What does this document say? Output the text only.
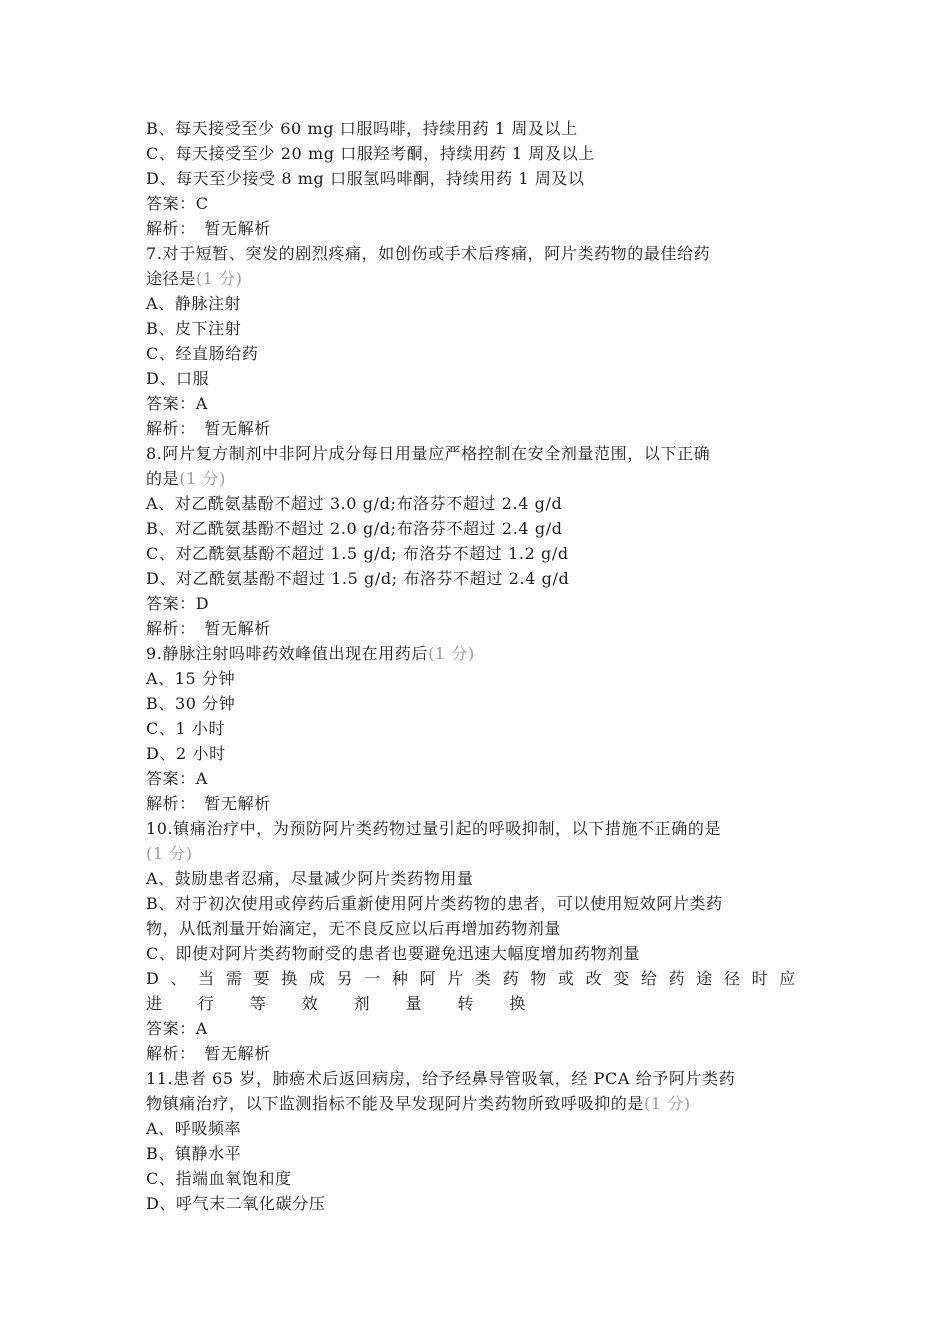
B、每天接受至少 60 mg 口服吗啡，持续用药 1 周及以上
C、每天接受至少 20 mg 口服羟考酮，持续用药 1 周及以上
D、每天至少接受 8 mg 口服氢吗啡酮，持续用药 1 周及以
答案：C
解析：　暂无解析
7.对于短暂、突发的剧烈疼痛，如创伤或手术后疼痛，阿片类药物的最佳给药
途径是(1 分)
A、静脉注射
B、皮下注射
C、经直肠给药
D、口服
答案：A
解析：　暂无解析
8.阿片复方制剂中非阿片成分每日用量应严格控制在安全剂量范围，以下正确
的是(1 分)
A、对乙酰氨基酚不超过 3.0 g/d;布洛芬不超过 2.4 g/d
B、对乙酰氨基酚不超过 2.0 g/d;布洛芬不超过 2.4 g/d
C、对乙酰氨基酚不超过 1.5 g/d; 布洛芬不超过 1.2 g/d
D、对乙酰氨基酚不超过 1.5 g/d; 布洛芬不超过 2.4 g/d
答案：D
解析：　暂无解析
9.静脉注射吗啡药效峰值出现在用药后(1 分)
A、15 分钟
B、30 分钟
C、1 小时
D、2 小时
答案：A
解析：　暂无解析
10.镇痛治疗中，为预防阿片类药物过量引起的呼吸抑制，以下措施不正确的是
(1 分)
A、鼓励患者忍痛，尽量减少阿片类药物用量
B、对于初次使用或停药后重新使用阿片类药物的患者，可以使用短效阿片类药
物，从低剂量开始滴定，无不良反应以后再增加药物剂量
C、即使对阿片类药物耐受的患者也要避免迅速大幅度增加药物剂量
D 、 当 需 要 换 成 另 一 种 阿 片 类 药 物 或 改 变 给 药 途 径 时 应
进 行 等 效 剂 量 转 换
答案：A
解析：　暂无解析
11.患者 65 岁，肺癌术后返回病房，给予经鼻导管吸氧，经 PCA 给予阿片类药
物镇痛治疗，以下监测指标不能及早发现阿片类药物所致呼吸抑的是(1 分)
A、呼吸频率
B、镇静水平
C、指端血氧饱和度
D、呼气末二氧化碳分压
